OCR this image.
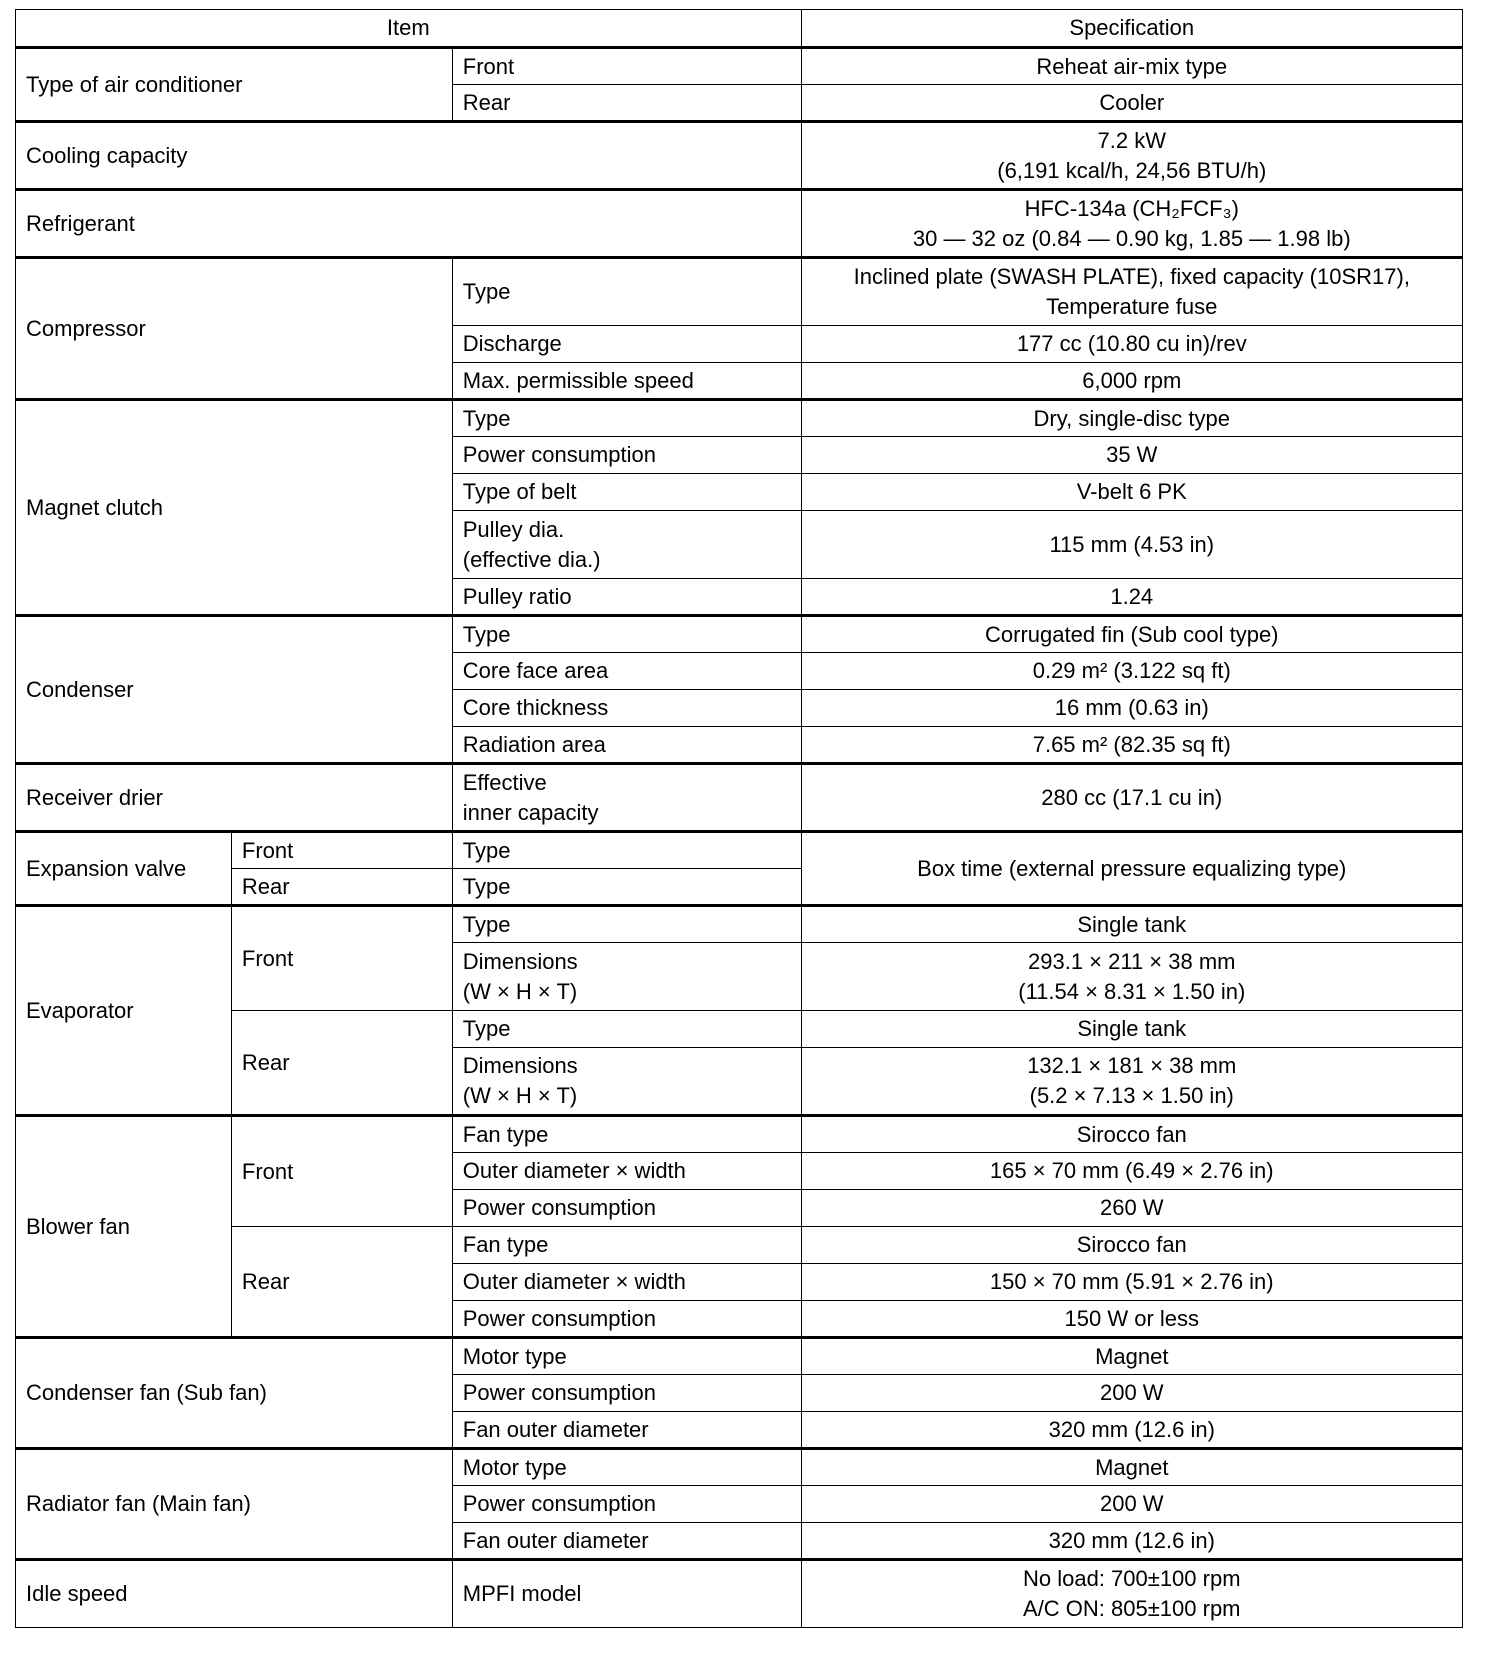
Item			Specification
Type of air conditioner		Front	Reheat air-mix type
		Rear	Cooler
Cooling capacity			7.2 kW
(6,191 kcal/h, 24,56 BTU/h)
Refrigerant			HFC-134a (CH₂FCF₃)
30 — 32 oz (0.84 — 0.90 kg, 1.85 — 1.98 lb)
Compressor		Type	Inclined plate (SWASH PLATE), fixed capacity (10SR17),
Temperature fuse
		Discharge	177 cc (10.80 cu in)/rev
		Max. permissible speed	6,000 rpm
Magnet clutch		Type	Dry, single-disc type
		Power consumption	35 W
		Type of belt	V-belt 6 PK
		Pulley dia.
(effective dia.)	115 mm (4.53 in)
		Pulley ratio	1.24
Condenser		Type	Corrugated fin (Sub cool type)
		Core face area	0.29 m² (3.122 sq ft)
		Core thickness	16 mm (0.63 in)
		Radiation area	7.65 m² (82.35 sq ft)
Receiver drier		Effective
inner capacity	280 cc (17.1 cu in)
Expansion valve	Front	Type	Box time (external pressure equalizing type)
	Rear	Type	
Evaporator	Front	Type	Single tank
		Dimensions
(W × H × T)	293.1 × 211 × 38 mm
(11.54 × 8.31 × 1.50 in)
	Rear	Type	Single tank
		Dimensions
(W × H × T)	132.1 × 181 × 38 mm
(5.2 × 7.13 × 1.50 in)
Blower fan	Front	Fan type	Sirocco fan
		Outer diameter × width	165 × 70 mm (6.49 × 2.76 in)
		Power consumption	260 W
	Rear	Fan type	Sirocco fan
		Outer diameter × width	150 × 70 mm (5.91 × 2.76 in)
		Power consumption	150 W or less
Condenser fan (Sub fan)		Motor type	Magnet
		Power consumption	200 W
		Fan outer diameter	320 mm (12.6 in)
Radiator fan (Main fan)		Motor type	Magnet
		Power consumption	200 W
		Fan outer diameter	320 mm (12.6 in)
Idle speed		MPFI model	No load: 700±100 rpm
A/C ON: 805±100 rpm
